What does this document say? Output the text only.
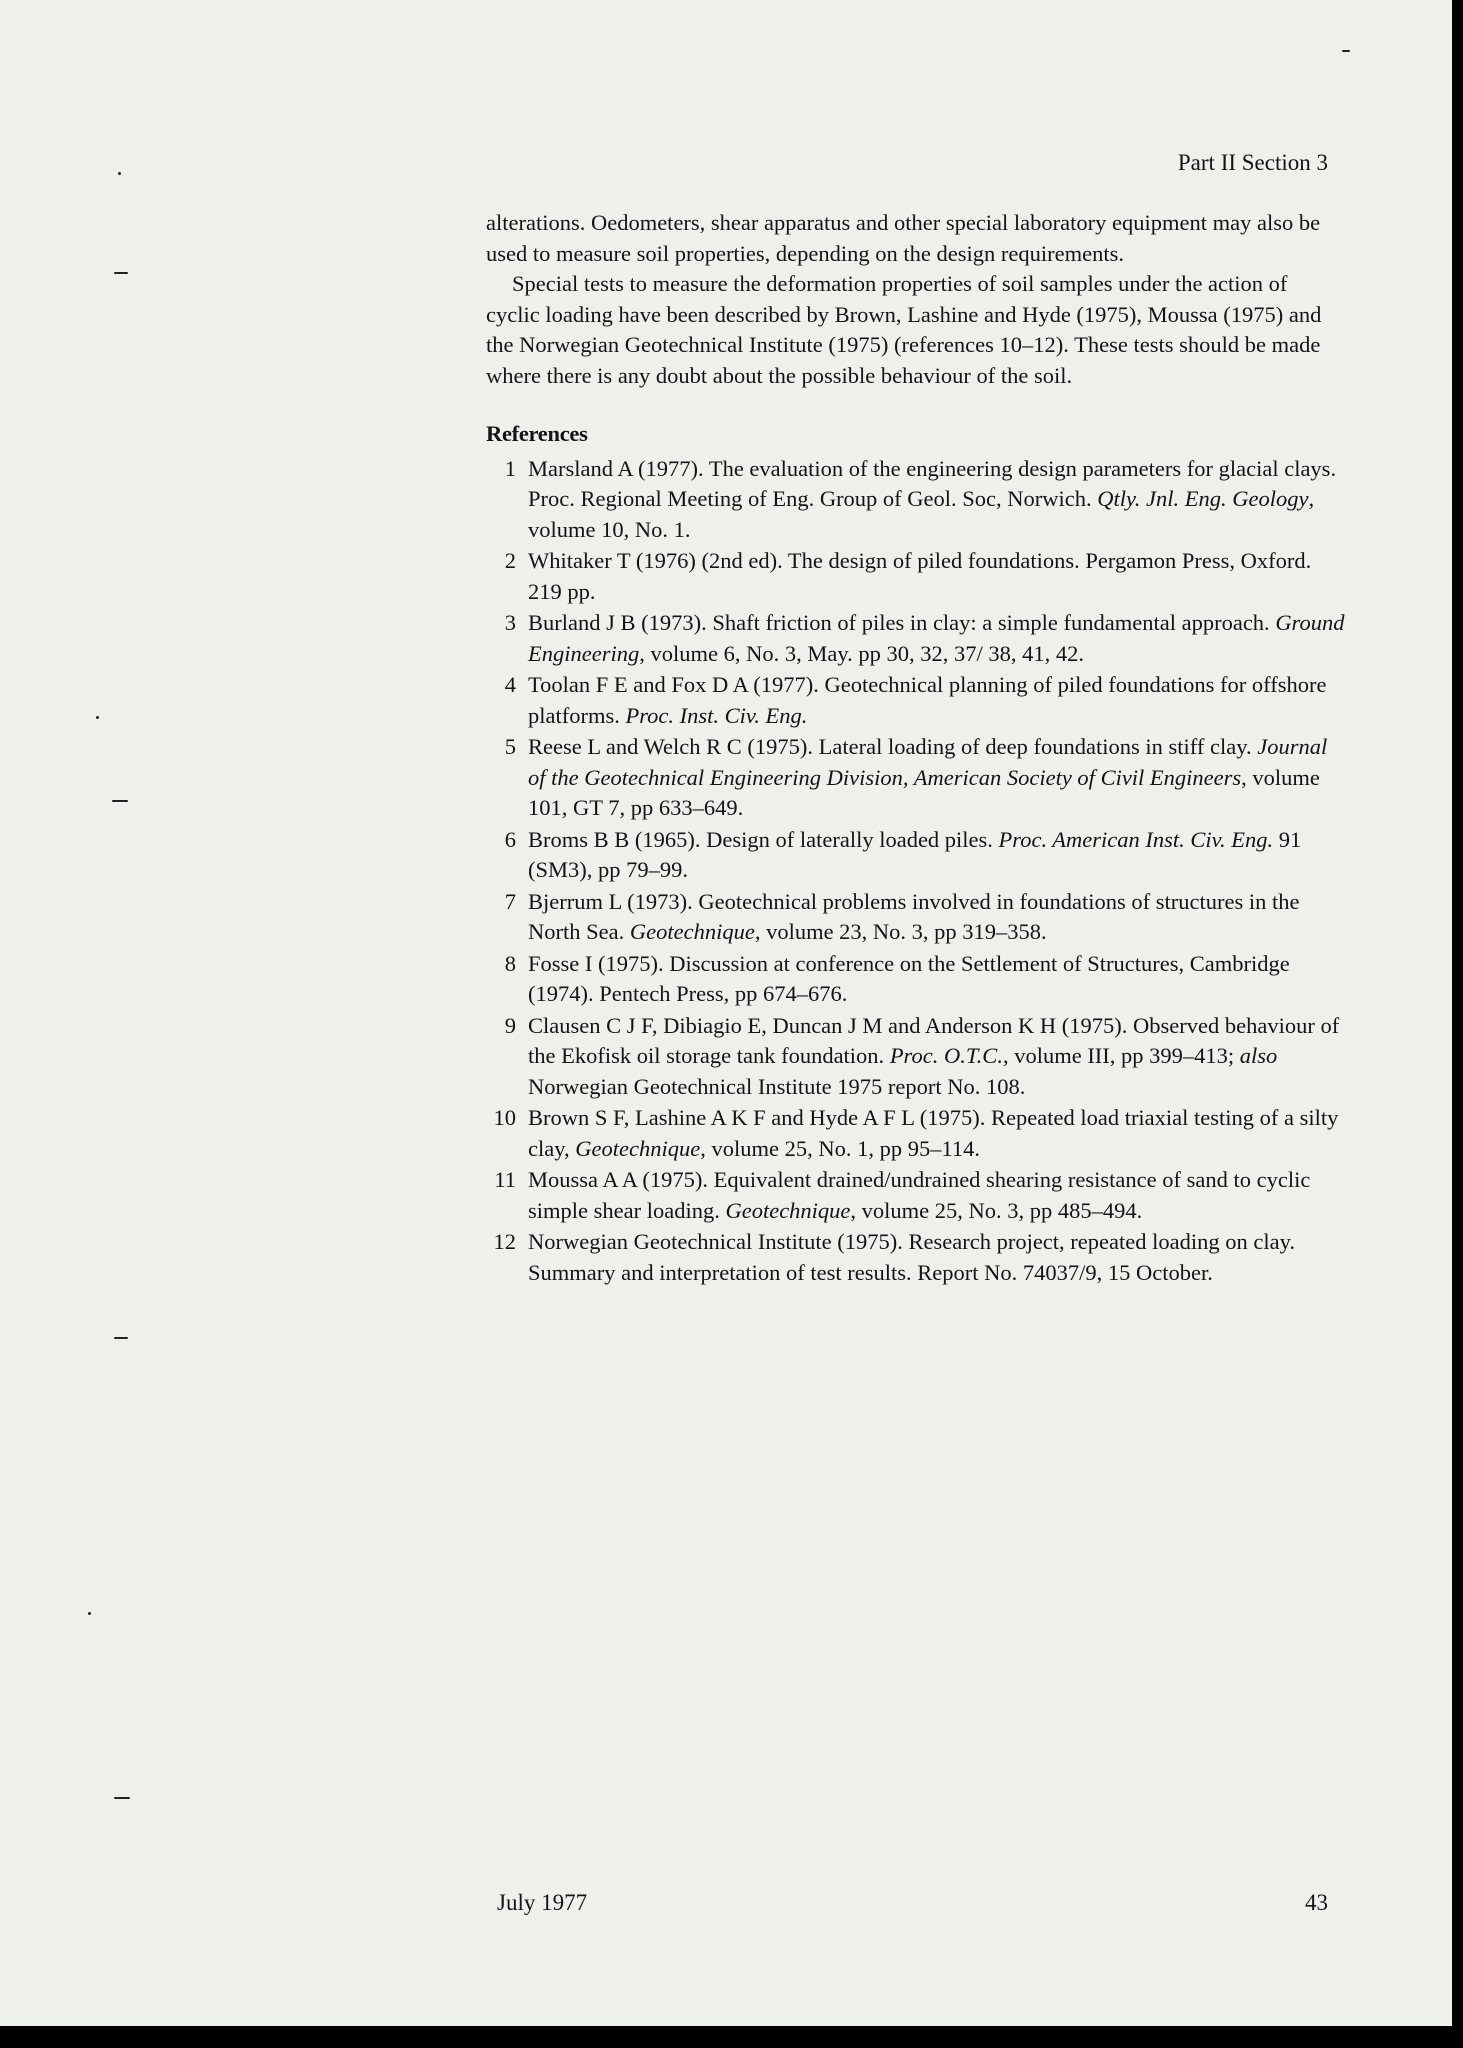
Part II Section 3

alterations. Oedometers, shear apparatus and other special laboratory equipment may also be used to measure soil properties, depending on the design requirements.

Special tests to measure the deformation properties of soil samples under the action of cyclic loading have been described by Brown, Lashine and Hyde (1975), Moussa (1975) and the Norwegian Geotechnical Institute (1975) (references 10–12). These tests should be made where there is any doubt about the possible behaviour of the soil.

References

1 Marsland A (1977). The evaluation of the engineering design parameters for glacial clays. Proc. Regional Meeting of Eng. Group of Geol. Soc, Norwich. Qtly. Jnl. Eng. Geology, volume 10, No. 1.
2 Whitaker T (1976) (2nd ed). The design of piled foundations. Pergamon Press, Oxford. 219 pp.
3 Burland J B (1973). Shaft friction of piles in clay: a simple fundamental approach. Ground Engineering, volume 6, No. 3, May. pp 30, 32, 37/ 38, 41, 42.
4 Toolan F E and Fox D A (1977). Geotechnical planning of piled foundations for offshore platforms. Proc. Inst. Civ. Eng.
5 Reese L and Welch R C (1975). Lateral loading of deep foundations in stiff clay. Journal of the Geotechnical Engineering Division, American Society of Civil Engineers, volume 101, GT 7, pp 633–649.
6 Broms B B (1965). Design of laterally loaded piles. Proc. American Inst. Civ. Eng. 91 (SM3), pp 79–99.
7 Bjerrum L (1973). Geotechnical problems involved in foundations of structures in the North Sea. Geotechnique, volume 23, No. 3, pp 319–358.
8 Fosse I (1975). Discussion at conference on the Settlement of Structures, Cambridge (1974). Pentech Press, pp 674–676.
9 Clausen C J F, Dibiagio E, Duncan J M and Anderson K H (1975). Observed behaviour of the Ekofisk oil storage tank foundation. Proc. O.T.C., volume III, pp 399–413; also Norwegian Geotechnical Institute 1975 report No. 108.
10 Brown S F, Lashine A K F and Hyde A F L (1975). Repeated load triaxial testing of a silty clay, Geotechnique, volume 25, No. 1, pp 95–114.
11 Moussa A A (1975). Equivalent drained/undrained shearing resistance of sand to cyclic simple shear loading. Geotechnique, volume 25, No. 3, pp 485–494.
12 Norwegian Geotechnical Institute (1975). Research project, repeated loading on clay. Summary and interpretation of test results. Report No. 74037/9, 15 October.
July 1977	43
